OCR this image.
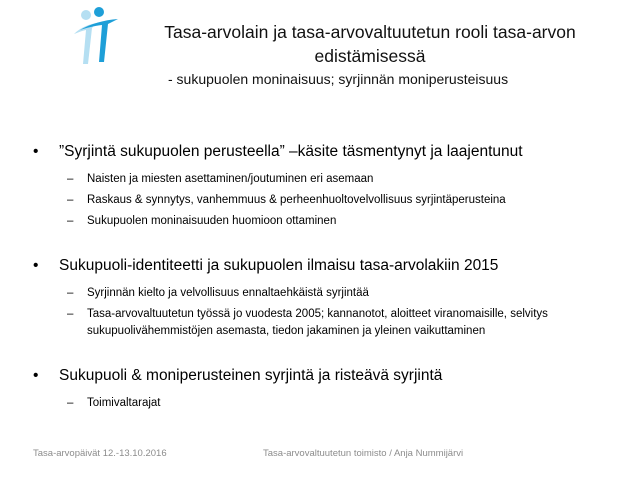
Tasa-arvolain ja tasa-arvovaltuutetun rooli tasa-arvon edistämisessä
- sukupuolen moninaisuus; syrjinnän moniperusteisuus
•	”Syrjintä sukupuolen perusteella” –käsite täsmentynyt ja laajentunut
–	Naisten ja miesten asettaminen/joutuminen eri asemaan
–	Raskaus & synnytys, vanhemmuus & perheenhuoltovelvollisuus syrjintäperusteina
–	Sukupuolen moninaisuuden huomioon ottaminen
•	Sukupuoli-identiteetti ja sukupuolen ilmaisu tasa-arvolakiin 2015
–	Syrjinnän kielto ja velvollisuus ennaltaehkäistä syrjintää
–	Tasa-arvovaltuutetun työssä jo vuodesta 2005; kannanotot, aloitteet viranomaisille, selvitys sukupuolivähemmistöjen asemasta, tiedon jakaminen ja yleinen vaikuttaminen
•	Sukupuoli & moniperusteinen syrjintä ja risteävä syrjintä
–	Toimivaltarajat
Tasa-arvopäivät 12.-13.10.2016	Tasa-arvovaltuutetun toimisto / Anja Nummijärvi
